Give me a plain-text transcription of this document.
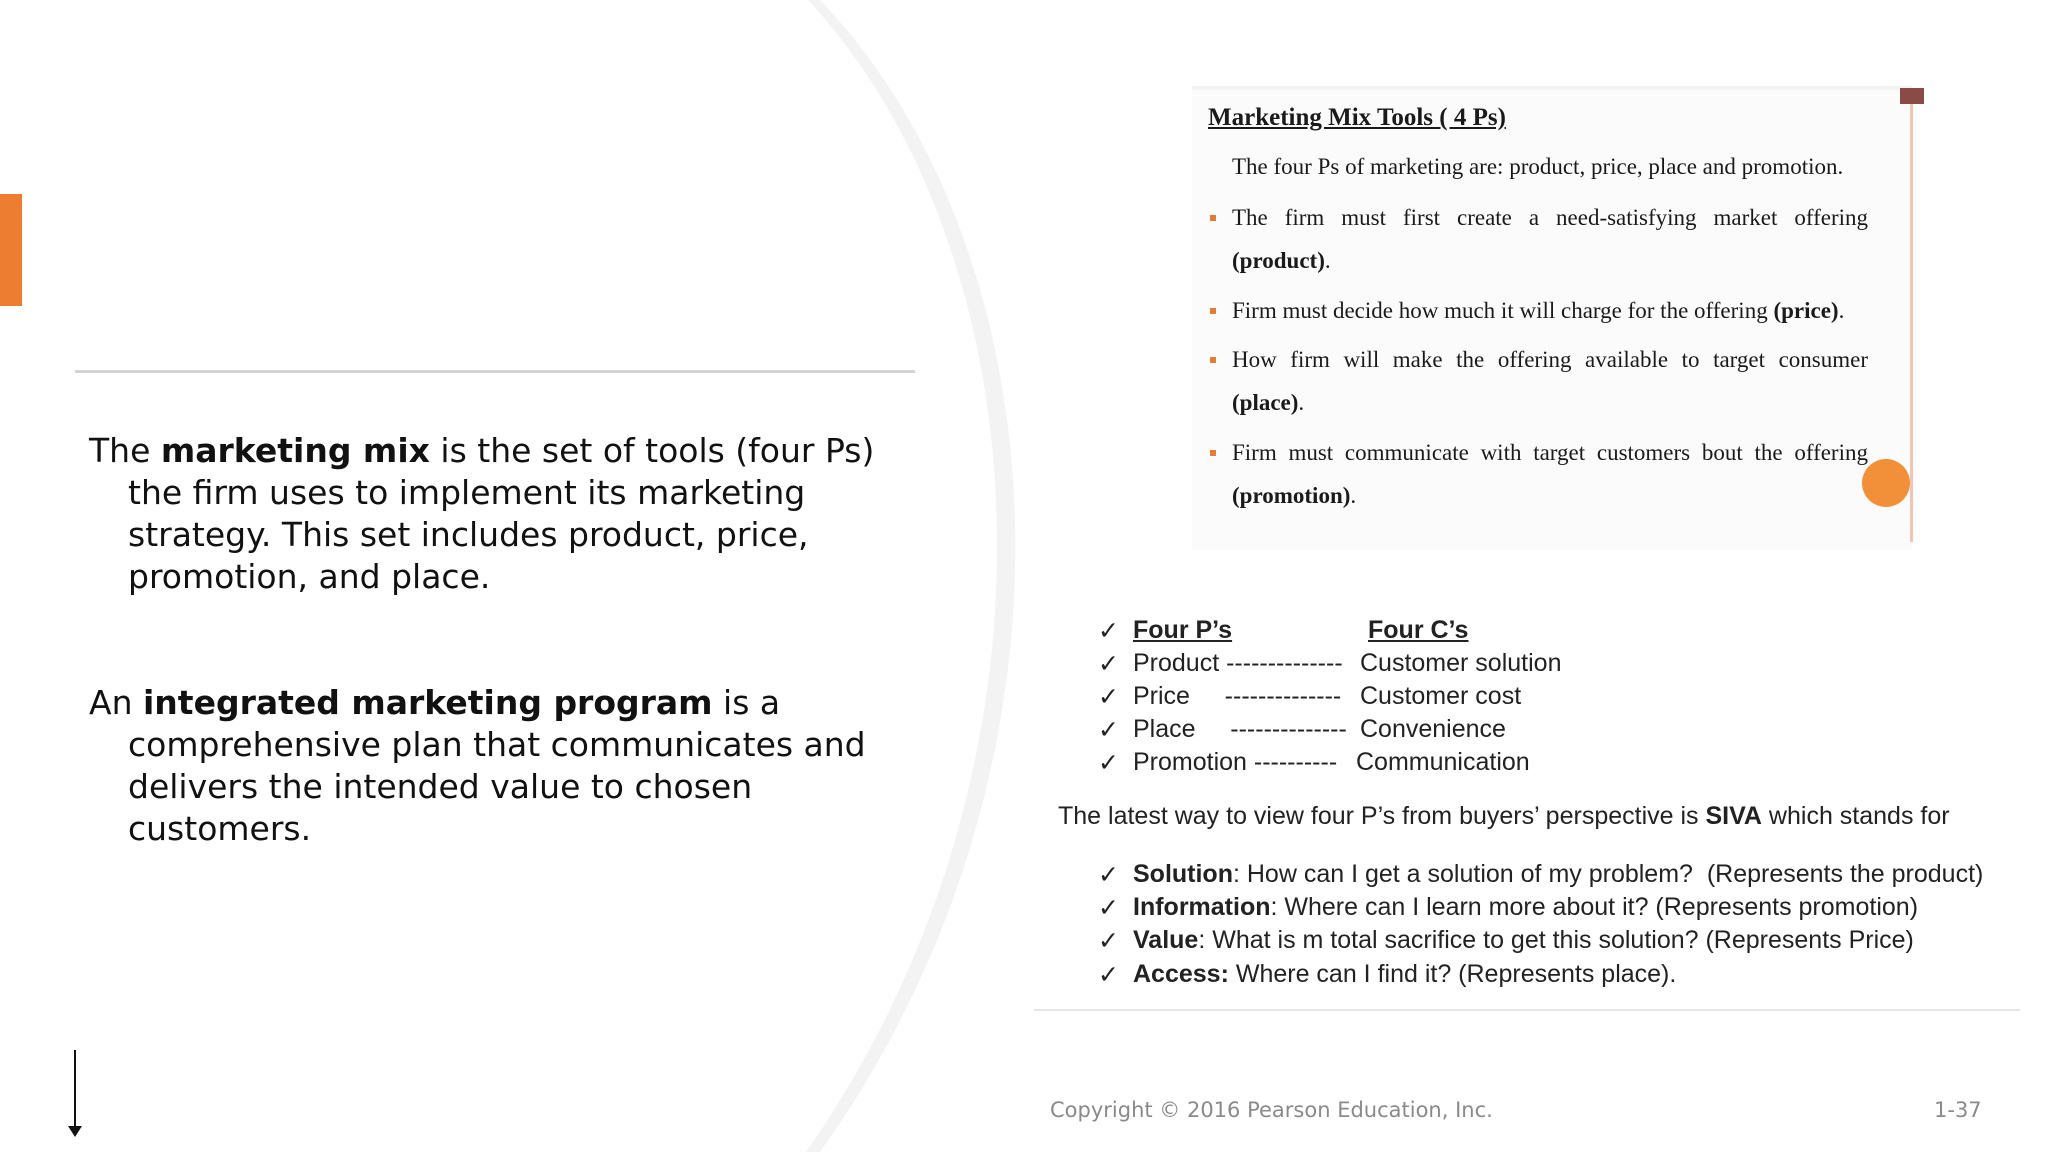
The marketing mix is the set of tools (four Ps) the firm uses to implement its marketing strategy. This set includes product, price, promotion, and place.
An integrated marketing program is a comprehensive plan that communicates and delivers the intended value to chosen customers.
Marketing Mix Tools ( 4 Ps)
The four Ps of marketing are: product, price, place and promotion.
The firm must first create a need-satisfying market offering (product).
Firm must decide how much it will charge for the offering (price).
How firm will make the offering available to target consumer (place).
Firm must communicate with target customers bout the offering (promotion).
✓ Four P’s	Four C’s
✓ Product -------------- Customer solution
✓ Price     -------------- Customer cost
✓ Place     -------------- Convenience
✓ Promotion ---------- Communication
The latest way to view four P’s from buyers’ perspective is SIVA which stands for
✓ Solution: How can I get a solution of my problem?  (Represents the product)
✓ Information: Where can I learn more about it? (Represents promotion)
✓ Value: What is m total sacrifice to get this solution? (Represents Price)
✓ Access: Where can I find it? (Represents place).
Copyright © 2016 Pearson Education, Inc.	1-37
